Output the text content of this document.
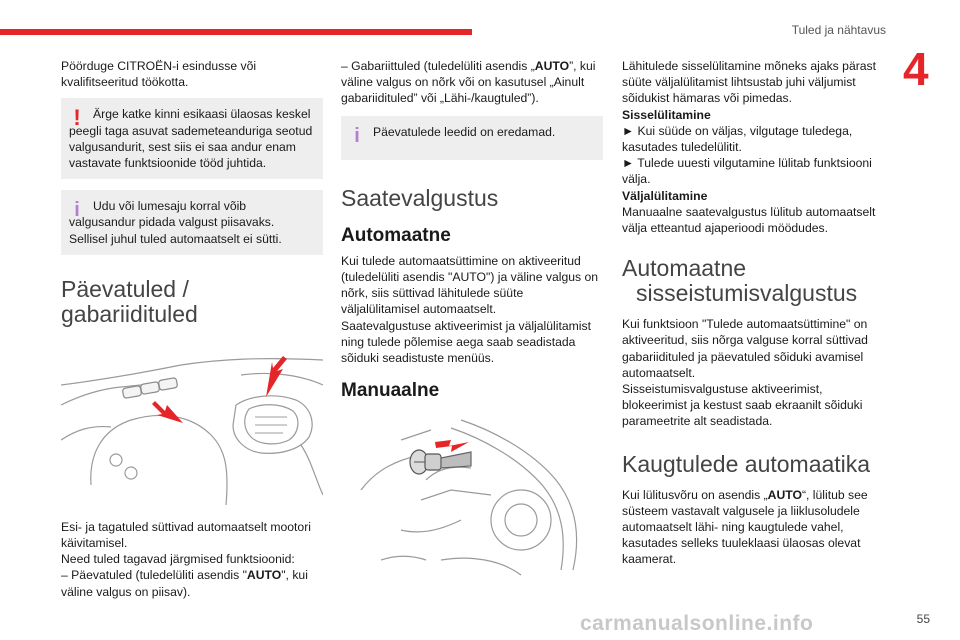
Tuled ja nähtavus
4

Pöörduge CITROËN-i esindusse või kvalifitseeritud töökotta.

!	Ärge katke kinni esikaasi ülaosas keskel peegli taga asuvat sademeteanduriga seotud valgusandurit, sest siis ei saa andur enam vastavate funktsioonide tööd juhtida.

i	Udu või lumesaju korral võib valgusandur pidada valgust piisavaks. Sellisel juhul tuled automaatselt ei sütti.

Päevatuled / gabariidituled

Esi- ja tagatuled süttivad automaatselt mootori käivitamisel.

Need tuled tagavad järgmised funktsioonid:

– Päevatuled (tuledelüliti asendis "AUTO", kui väline valgus on piisav).

– Gabariittuled (tuledelüliti asendis „AUTO”, kui väline valgus on nõrk või on kasutusel „Ainult gabariidituled” või „Lähi-/kaugtuled”).

i	Päevatulede leedid on eredamad.

Saatevalgustus
Automaatne

Kui tulede automaatsüttimine on aktiveeritud (tuledelüliti asendis "AUTO") ja väline valgus on nõrk, siis süttivad lähitulede süüte väljalülitamisel automaatselt.

Saatevalgustuse aktiveerimist ja väljalülitamist ning tulede põlemise aega saab seadistada sõiduki seadistuste menüüs.

Manuaalne

Lähitulede sisselülitamine mõneks ajaks pärast süüte väljalülitamist lihtsustab juhi väljumist sõidukist hämaras või pimedas.

Sisselülitamine

► Kui süüde on väljas, vilgutage tuledega, kasutades tuledelülitit.

► Tulede uuesti vilgutamine lülitab funktsiooni välja.

Väljalülitamine

Manuaalne saatevalgustus lülitub automaatselt välja etteantud ajaperioodi möödudes.

Automaatne
sisseistumisvalgustus

Kui funktsioon "Tulede automaatsüttimine" on aktiveeritud, siis nõrga valguse korral süttivad gabariidituled ja päevatuled sõiduki avamisel automaatselt.

Sisseistumisvalgustuse aktiveerimist, blokeerimist ja kestust saab ekraanilt sõiduki parameetrite alt seadistada.

Kaugtulede automaatika

Kui lülitusvõru on asendis „AUTO“, lülitub see süsteem vastavalt valgusele ja liiklusoludele automaatselt lähi- ning kaugtulede vahel, kasutades selleks tuuleklaasi ülaosas olevat kaamerat.

carmanualsonline.info	55
